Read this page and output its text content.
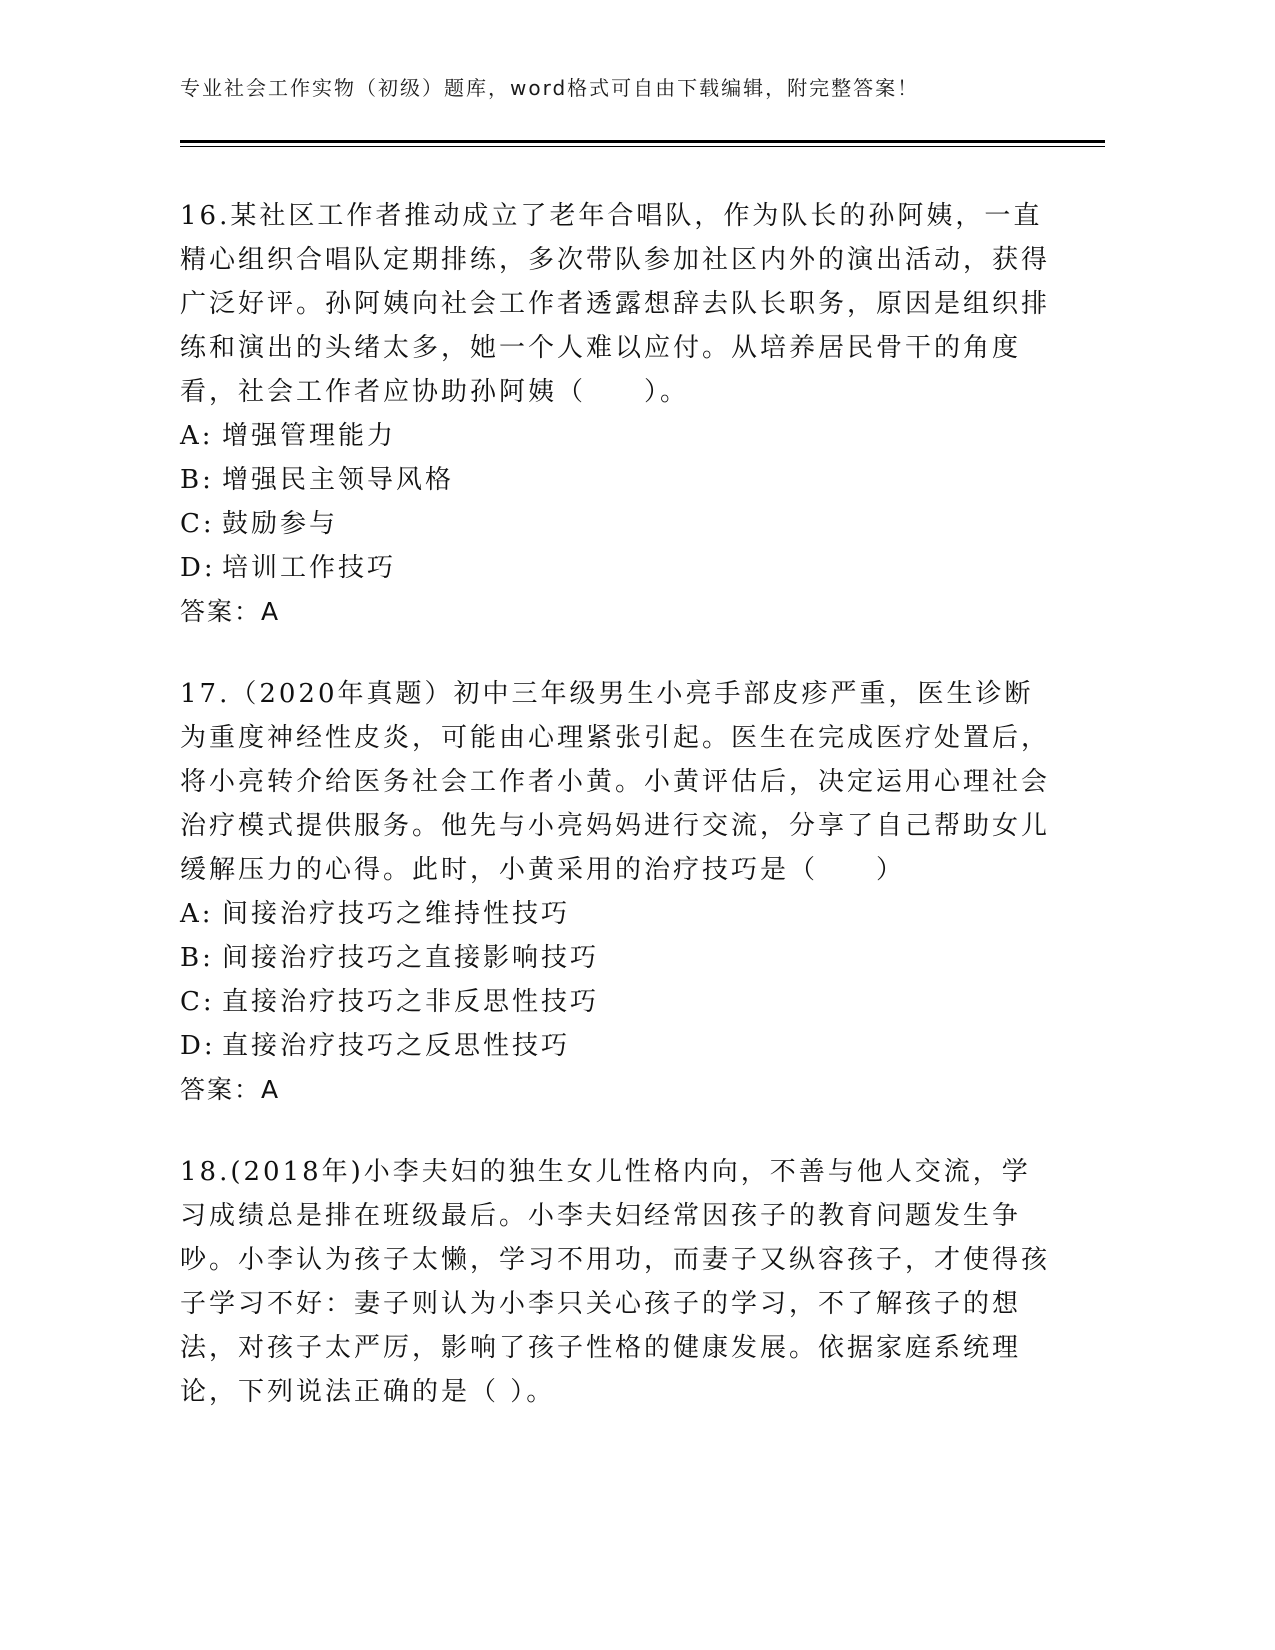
专业社会工作实物（初级）题库，word格式可自由下载编辑，附完整答案！

16.某社区工作者推动成立了老年合唱队，作为队长的孙阿姨，一直精心组织合唱队定期排练，多次带队参加社区内外的演出活动，获得广泛好评。孙阿姨向社会工作者透露想辞去队长职务，原因是组织排练和演出的头绪太多，她一个人难以应付。从培养居民骨干的角度看，社会工作者应协助孙阿姨（　　）。

A: 增强管理能力
B: 增强民主领导风格
C: 鼓励参与
D: 培训工作技巧
答案：A

17.（2020年真题）初中三年级男生小亮手部皮疹严重，医生诊断为重度神经性皮炎，可能由心理紧张引起。医生在完成医疗处置后，将小亮转介给医务社会工作者小黄。小黄评估后，决定运用心理社会治疗模式提供服务。他先与小亮妈妈进行交流，分享了自己帮助女儿缓解压力的心得。此时，小黄采用的治疗技巧是（　　）

A: 间接治疗技巧之维持性技巧
B: 间接治疗技巧之直接影响技巧
C: 直接治疗技巧之非反思性技巧
D: 直接治疗技巧之反思性技巧
答案：A

18.(2018年)小李夫妇的独生女儿性格内向，不善与他人交流，学习成绩总是排在班级最后。小李夫妇经常因孩子的教育问题发生争吵。小李认为孩子太懒，学习不用功，而妻子又纵容孩子，才使得孩子学习不好：妻子则认为小李只关心孩子的学习，不了解孩子的想法，对孩子太严厉，影响了孩子性格的健康发展。依据家庭系统理论，下列说法正确的是（ ）。
